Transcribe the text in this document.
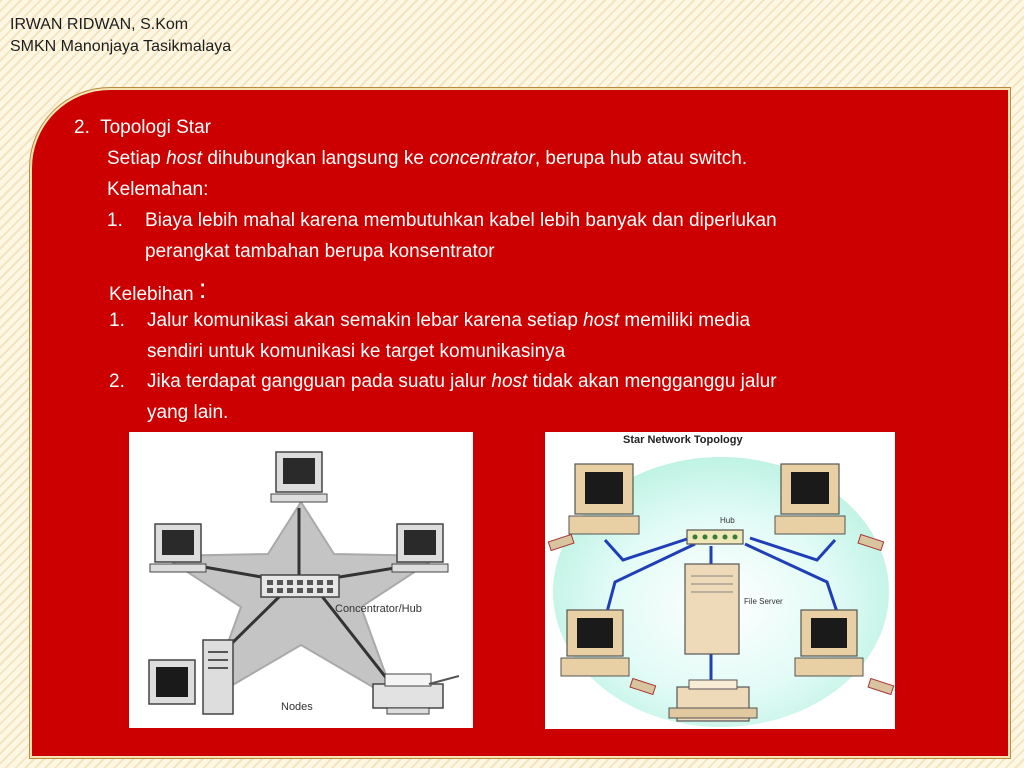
IRWAN RIDWAN, S.Kom
SMKN Manonjaya Tasikmalaya
2. Topologi Star
Setiap host dihubungkan langsung ke concentrator, berupa hub atau switch.
Kelemahan:
1. Biaya lebih mahal karena membutuhkan kabel lebih banyak dan diperlukan
perangkat tambahan berupa konsentrator
Kelebihan :
1. Jalur komunikasi akan semakin lebar karena setiap host memiliki media
sendiri untuk komunikasi ke target komunikasinya
2. Jika terdapat gangguan pada suatu jalur host tidak akan mengganggu jalur
yang lain.
Concentrator/Hub
Nodes
Star Network Topology
Hub
File Server
